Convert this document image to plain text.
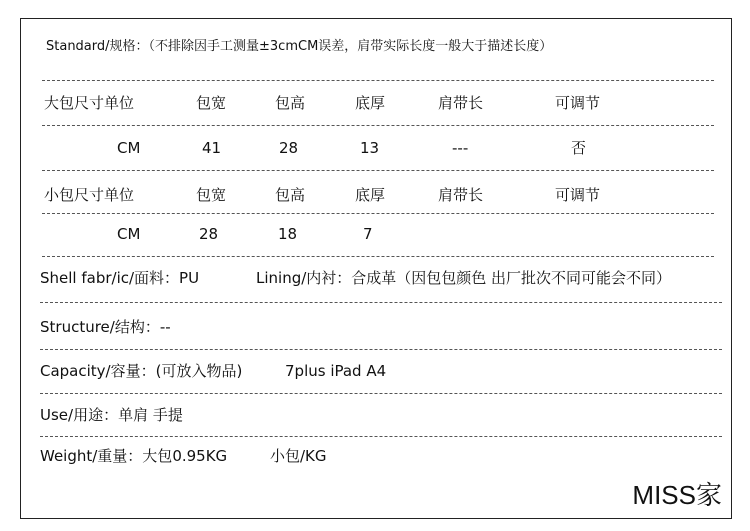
Standard/规格：（不排除因手工测量±3cmCM误差，肩带实际长度一般大于描述长度）
大包尺寸单位	包宽	包高	底厚	肩带长	可调节
CM	41	28	13	---	否
小包尺寸单位	包宽	包高	底厚	肩带长	可调节
CM	28	18	7
Shell fabr/ic/面料：PU	Lining/内衬：合成革（因包包颜色 出厂批次不同可能会不同）
Structure/结构：--
Capacity/容量：(可放入物品)	7plus iPad A4
Use/用途：单肩 手提
Weight/重量：大包0.95KG	小包/KG
MISS家
